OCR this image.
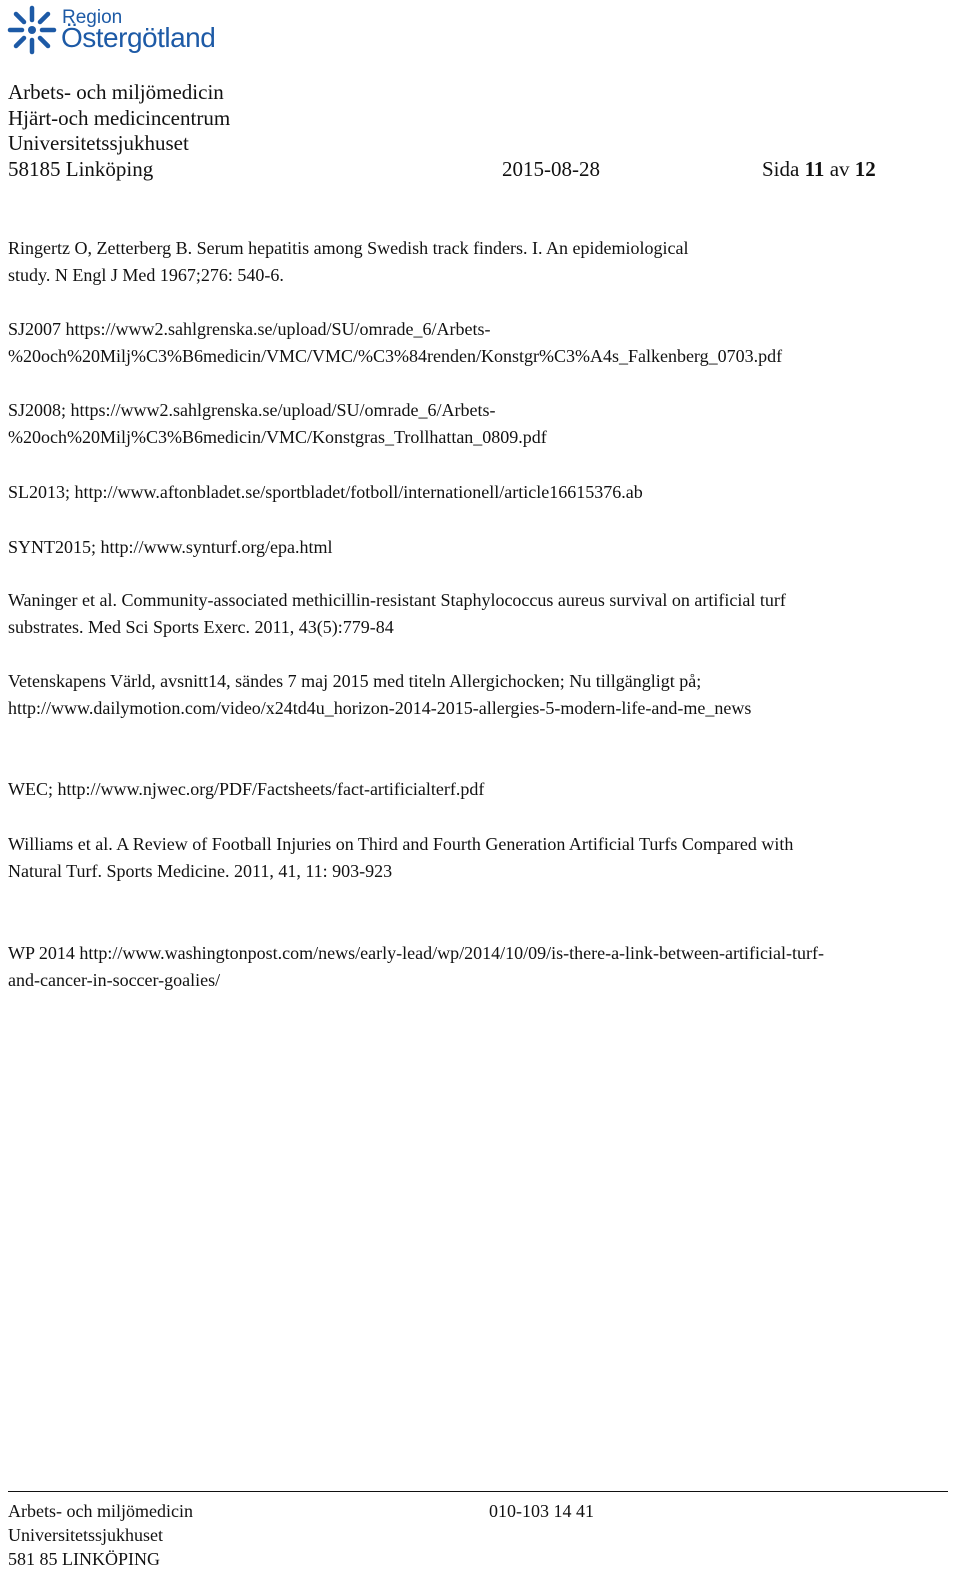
Region
Östergötland
Arbets- och miljömedicin
Hjärt-och medicincentrum
Universitetssjukhuset
58185 Linköping	2015-08-28	Sida 11 av 12
Ringertz O, Zetterberg B. Serum hepatitis among Swedish track finders. I. An epidemiological
study. N Engl J Med 1967;276: 540-6.
SJ2007 https://www2.sahlgrenska.se/upload/SU/omrade_6/Arbets-
%20och%20Milj%C3%B6medicin/VMC/VMC/%C3%84renden/Konstgr%C3%A4s_Falkenberg_0703.pdf
SJ2008; https://www2.sahlgrenska.se/upload/SU/omrade_6/Arbets-
%20och%20Milj%C3%B6medicin/VMC/Konstgras_Trollhattan_0809.pdf
SL2013; http://www.aftonbladet.se/sportbladet/fotboll/internationell/article16615376.ab
SYNT2015; http://www.synturf.org/epa.html
Waninger et al. Community-associated methicillin-resistant Staphylococcus aureus survival on artificial turf
substrates. Med Sci Sports Exerc. 2011, 43(5):779-84
Vetenskapens Värld, avsnitt14, sändes 7 maj 2015 med titeln Allergichocken; Nu tillgängligt på;
http://www.dailymotion.com/video/x24td4u_horizon-2014-2015-allergies-5-modern-life-and-me_news
WEC; http://www.njwec.org/PDF/Factsheets/fact-artificialterf.pdf
Williams et al. A Review of Football Injuries on Third and Fourth Generation Artificial Turfs Compared with
Natural Turf. Sports Medicine. 2011, 41, 11: 903-923
WP 2014 http://www.washingtonpost.com/news/early-lead/wp/2014/10/09/is-there-a-link-between-artificial-turf-
and-cancer-in-soccer-goalies/
Arbets- och miljömedicin	010-103 14 41
Universitetssjukhuset
581 85 LINKÖPING
